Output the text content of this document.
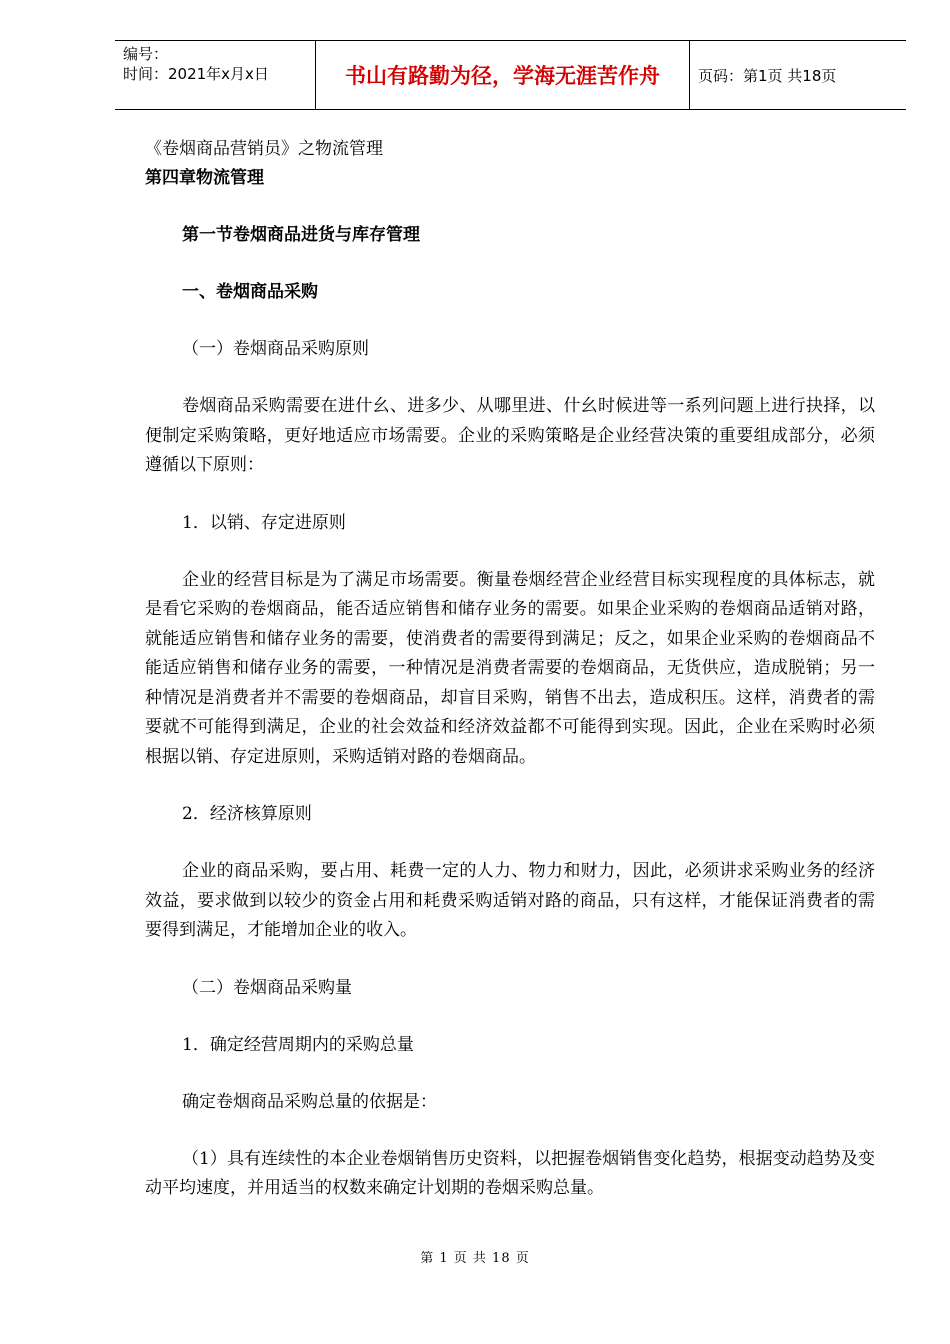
编号：
时间：2021年x月x日	书山有路勤为径，学海无涯苦作舟	页码：第1页 共18页

《卷烟商品营销员》之物流管理

第四章物流管理

第一节卷烟商品进货与库存管理

一、卷烟商品采购

（一）卷烟商品采购原则

卷烟商品采购需要在进什幺、进多少、从哪里进、什幺时候进等一系列问题上进行抉择，以便制定采购策略，更好地适应市场需要。企业的采购策略是企业经营决策的重要组成部分，必须遵循以下原则：

1．以销、存定进原则

企业的经营目标是为了满足市场需要。衡量卷烟经营企业经营目标实现程度的具体标志，就是看它采购的卷烟商品，能否适应销售和储存业务的需要。如果企业采购的卷烟商品适销对路，就能适应销售和储存业务的需要，使消费者的需要得到满足；反之，如果企业采购的卷烟商品不能适应销售和储存业务的需要，一种情况是消费者需要的卷烟商品，无货供应，造成脱销；另一种情况是消费者并不需要的卷烟商品，却盲目采购，销售不出去，造成积压。这样，消费者的需要就不可能得到满足，企业的社会效益和经济效益都不可能得到实现。因此，企业在采购时必须根据以销、存定进原则，采购适销对路的卷烟商品。

2．经济核算原则

企业的商品采购，要占用、耗费一定的人力、物力和财力，因此，必须讲求采购业务的经济效益，要求做到以较少的资金占用和耗费采购适销对路的商品，只有这样，才能保证消费者的需要得到满足，才能增加企业的收入。

（二）卷烟商品采购量

1．确定经营周期内的采购总量

确定卷烟商品采购总量的依据是：

（1）具有连续性的本企业卷烟销售历史资料，以把握卷烟销售变化趋势，根据变动趋势及变动平均速度，并用适当的权数来确定计划期的卷烟采购总量。

第 1 页 共 18 页
